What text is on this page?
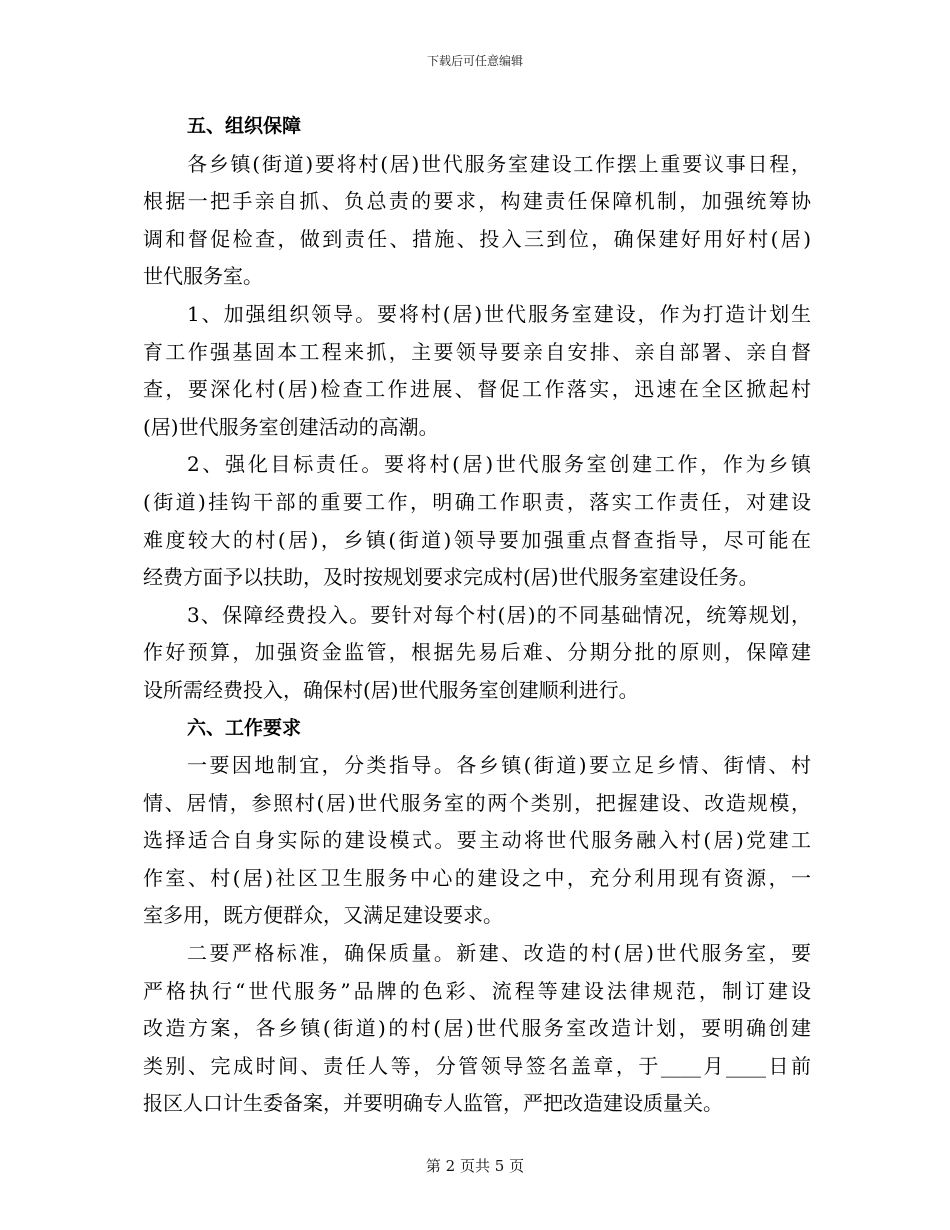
下载后可任意编辑
五、组织保障
各乡镇(街道)要将村(居)世代服务室建设工作摆上重要议事日程，
根据一把手亲自抓、负总责的要求，构建责任保障机制，加强统筹协
调和督促检查，做到责任、措施、投入三到位，确保建好用好村(居)
世代服务室。
1、加强组织领导。要将村(居)世代服务室建设，作为打造计划生
育工作强基固本工程来抓，主要领导要亲自安排、亲自部署、亲自督
查，要深化村(居)检查工作进展、督促工作落实，迅速在全区掀起村
(居)世代服务室创建活动的高潮。
2、强化目标责任。要将村(居)世代服务室创建工作，作为乡镇
(街道)挂钩干部的重要工作，明确工作职责，落实工作责任，对建设
难度较大的村(居)，乡镇(街道)领导要加强重点督查指导，尽可能在
经费方面予以扶助，及时按规划要求完成村(居)世代服务室建设任务。
3、保障经费投入。要针对每个村(居)的不同基础情况，统筹规划，
作好预算，加强资金监管，根据先易后难、分期分批的原则，保障建
设所需经费投入，确保村(居)世代服务室创建顺利进行。
六、工作要求
一要因地制宜，分类指导。各乡镇(街道)要立足乡情、街情、村
情、居情，参照村(居)世代服务室的两个类别，把握建设、改造规模，
选择适合自身实际的建设模式。要主动将世代服务融入村(居)党建工
作室、村(居)社区卫生服务中心的建设之中，充分利用现有资源，一
室多用，既方便群众，又满足建设要求。
二要严格标准，确保质量。新建、改造的村(居)世代服务室，要
严格执行“世代服务”品牌的色彩、流程等建设法律规范，制订建设
改造方案，各乡镇(街道)的村(居)世代服务室改造计划，要明确创建
类别、完成时间、责任人等，分管领导签名盖章，于____月____日前
报区人口计生委备案，并要明确专人监管，严把改造建设质量关。
第 2 页共 5 页
